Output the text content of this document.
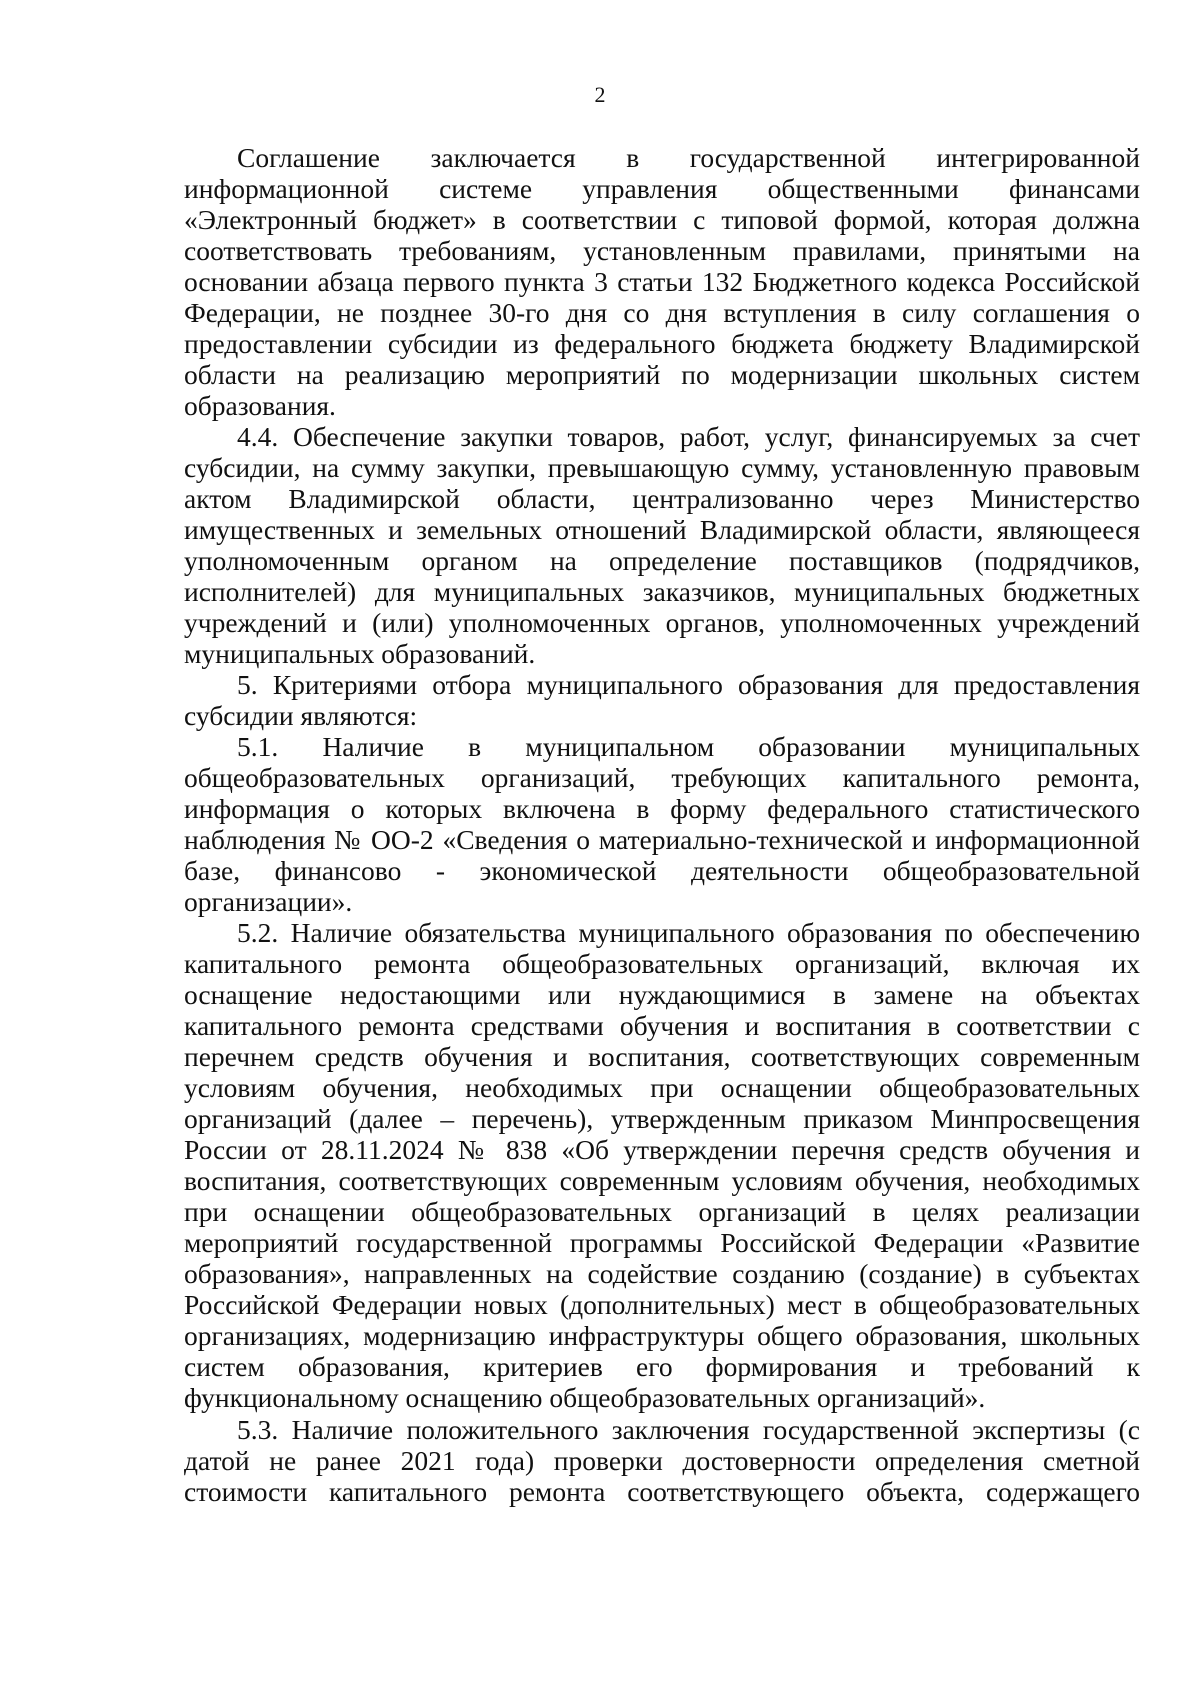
2
Соглашение заключается в государственной интегрированной
информационной системе управления общественными финансами
«Электронный бюджет» в соответствии с типовой формой, которая должна
соответствовать требованиям, установленным правилами, принятыми на
основании абзаца первого пункта 3 статьи 132 Бюджетного кодекса Российской
Федерации, не позднее 30-го дня со дня вступления в силу соглашения о
предоставлении субсидии из федерального бюджета бюджету Владимирской
области на реализацию мероприятий по модернизации школьных систем
образования.
4.4. Обеспечение закупки товаров, работ, услуг, финансируемых за счет
субсидии, на сумму закупки, превышающую сумму, установленную правовым
актом Владимирской области, централизованно через Министерство
имущественных и земельных отношений Владимирской области, являющееся
уполномоченным органом на определение поставщиков (подрядчиков,
исполнителей) для муниципальных заказчиков, муниципальных бюджетных
учреждений и (или) уполномоченных органов, уполномоченных учреждений
муниципальных образований.
5. Критериями отбора муниципального образования для предоставления
субсидии являются:
5.1. Наличие в муниципальном образовании муниципальных
общеобразовательных организаций, требующих капитального ремонта,
информация о которых включена в форму федерального статистического
наблюдения № ОО-2 «Сведения о материально-технической и информационной
базе, финансово - экономической деятельности общеобразовательной
организации».
5.2. Наличие обязательства муниципального образования по обеспечению
капитального ремонта общеобразовательных организаций, включая их
оснащение недостающими или нуждающимися в замене на объектах
капитального ремонта средствами обучения и воспитания в соответствии с
перечнем средств обучения и воспитания, соответствующих современным
условиям обучения, необходимых при оснащении общеобразовательных
организаций (далее – перечень), утвержденным приказом Минпросвещения
России от 28.11.2024 № 838 «Об утверждении перечня средств обучения и
воспитания, соответствующих современным условиям обучения, необходимых
при оснащении общеобразовательных организаций в целях реализации
мероприятий государственной программы Российской Федерации «Развитие
образования», направленных на содействие созданию (создание) в субъектах
Российской Федерации новых (дополнительных) мест в общеобразовательных
организациях, модернизацию инфраструктуры общего образования, школьных
систем образования, критериев его формирования и требований к
функциональному оснащению общеобразовательных организаций».
5.3. Наличие положительного заключения государственной экспертизы (с
датой не ранее 2021 года) проверки достоверности определения сметной
стоимости капитального ремонта соответствующего объекта, содержащего
